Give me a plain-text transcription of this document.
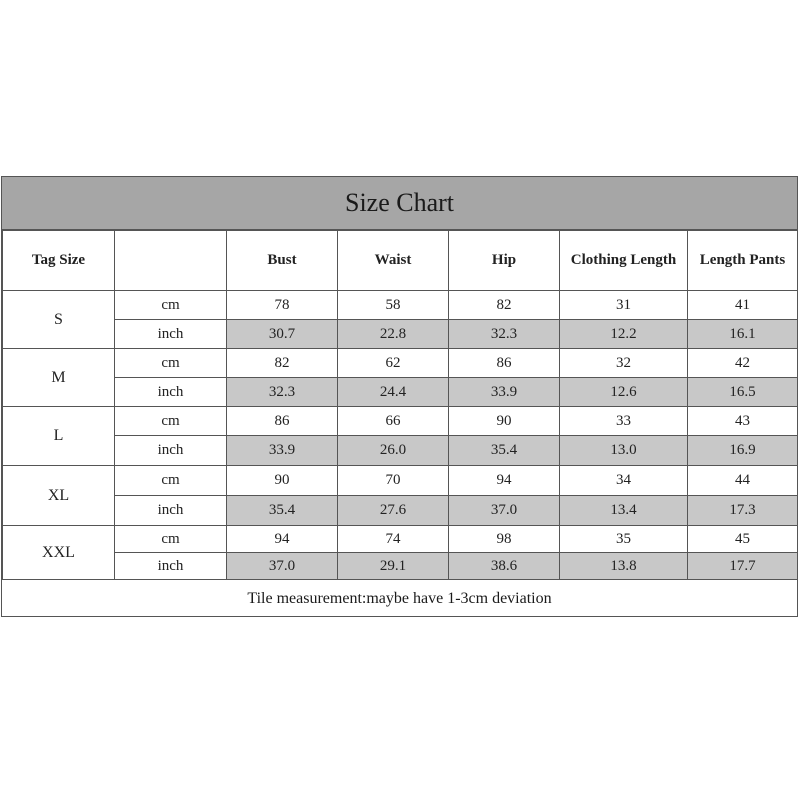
Size Chart
Tag Size		Bust	Waist	Hip	Clothing Length	Length Pants
S	cm	78	58	82	31	41
	inch	30.7	22.8	32.3	12.2	16.1
M	cm	82	62	86	32	42
	inch	32.3	24.4	33.9	12.6	16.5
L	cm	86	66	90	33	43
	inch	33.9	26.0	35.4	13.0	16.9
XL	cm	90	70	94	34	44
	inch	35.4	27.6	37.0	13.4	17.3
XXL	cm	94	74	98	35	45
	inch	37.0	29.1	38.6	13.8	17.7
Tile measurement:maybe have 1-3cm deviation
